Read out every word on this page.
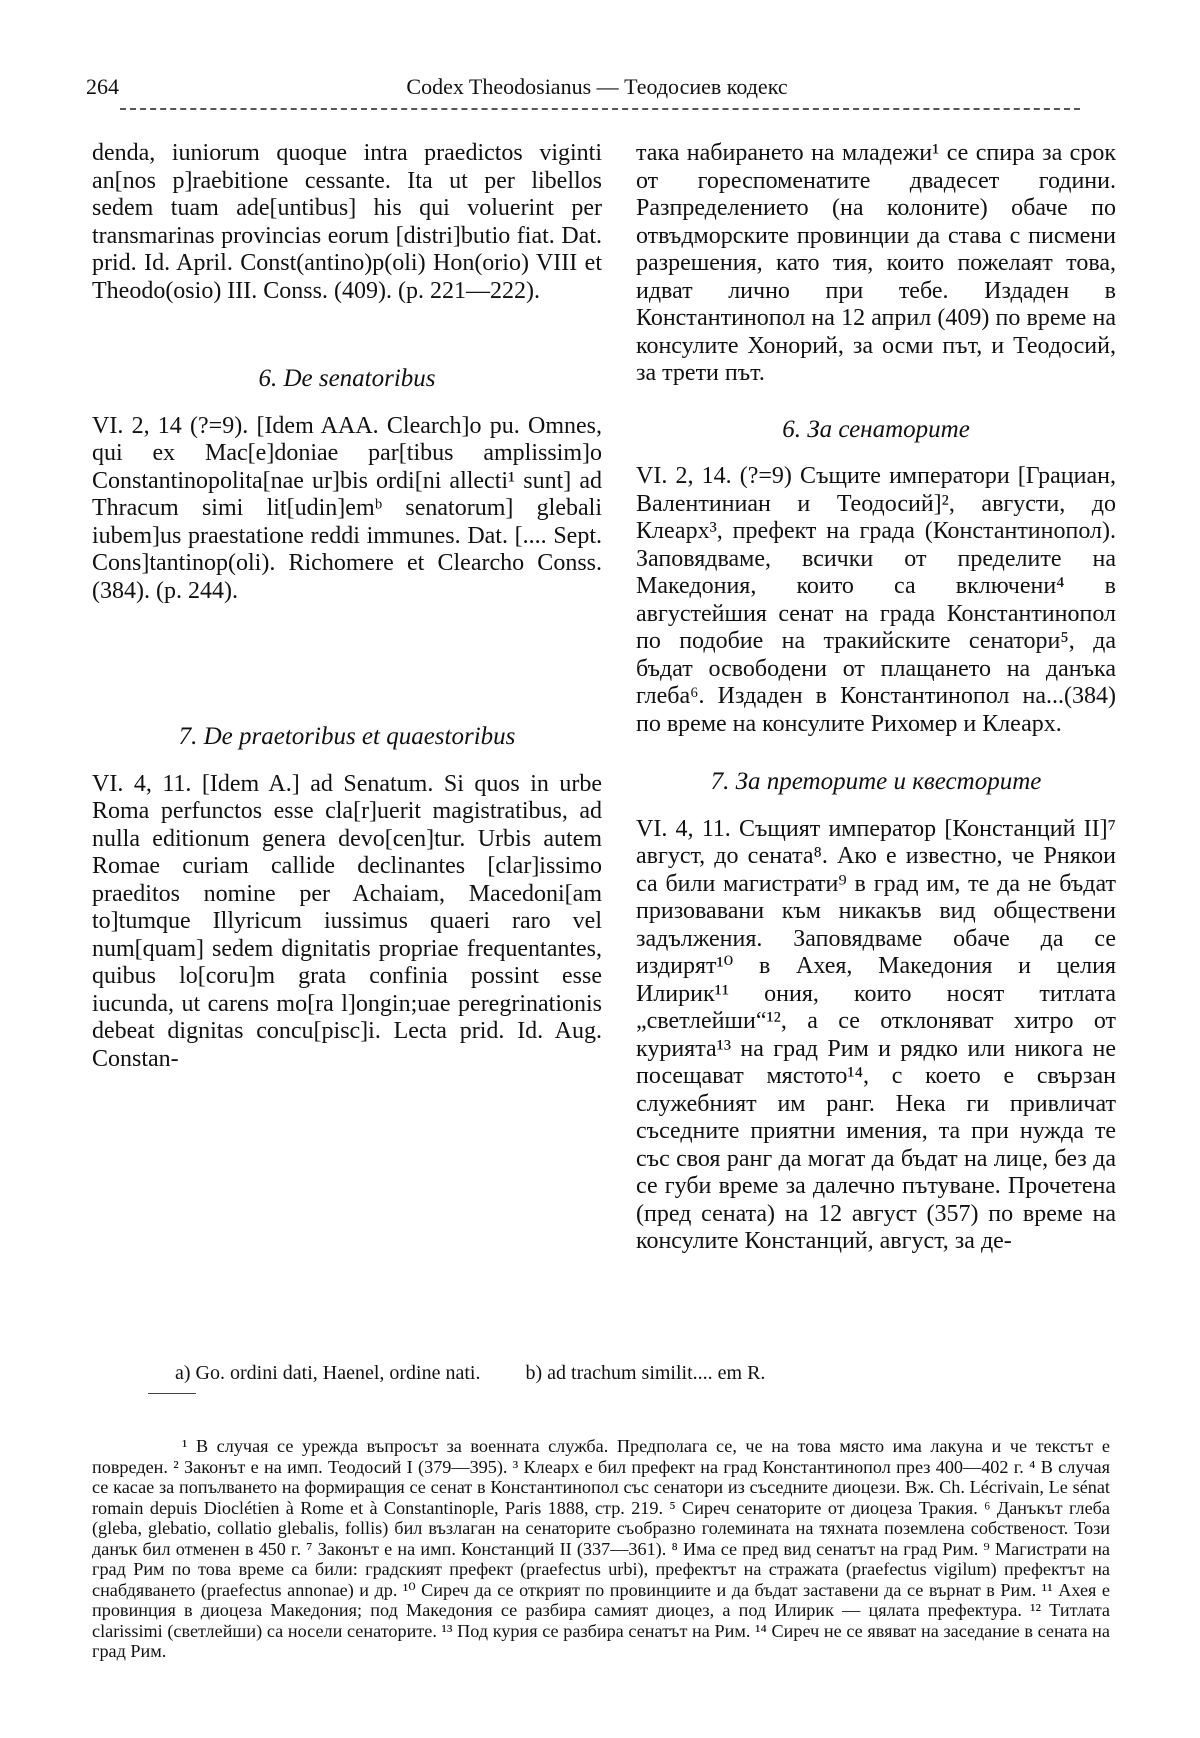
264	Codex Theodosianus — Теодосиев кодекс

denda, iuniorum quoque intra praedictos viginti an[nos p]raebitione cessante. Ita ut per libellos sedem tuam ade[untibus] his qui voluerint per transmarinas provincias eorum [distri]butio fiat. Dat. prid. Id. April. Const(antino)p(oli) Hon(orio) VIII et Theodo(osio) III. Conss. (409). (p. 221—222).

6. De senatoribus

VI. 2, 14 (?=9). [Idem AAA. Clearch]o pu. Omnes, qui ex Mac[e]doniae par[tibus amplissim]o Constantinopolita[nae ur]bis ordi[ni allecti¹ sunt] ad Thracum simi lit[udin]emᵇ senatorum] glebali iubem]us praestatione reddi immunes. Dat. [.... Sept. Cons]tantinop(oli). Richomere et Clearcho Conss. (384). (p. 244).

7. De praetoribus et quaestoribus

VI. 4, 11. [Idem A.] ad Senatum. Si quos in urbe Roma perfunctos esse cla[r]uerit magistratibus, ad nulla editionum genera devo[cen]tur. Urbis autem Romae curiam callide declinantes [clar]issimo praeditos nomine per Achaiam, Macedoni[am to]tumque Illyricum iussimus quaeri raro vel num[quam] sedem dignitatis propriae frequentantes, quibus lo[coru]m grata confinia possint esse iucunda, ut carens mo[ra l]ongin;uae peregrinationis debeat dignitas concu[pisc]i. Lecta prid. Id. Aug. Constan-

така набирането на младежи¹ се спира за срок от гореспоменатите двадесет години. Разпределението (на колоните) обаче по отвъдморските провинции да става с писмени разрешения, като тия, които пожелаят това, идват лично при тебе. Издаден в Константинопол на 12 април (409) по време на консулите Хонорий, за осми път, и Теодосий, за трети път.

6. За сенаторите

VI. 2, 14. (?=9) Същите императори [Грациан, Валентиниан и Теодосий]², августи, до Клеарх³, префект на града (Константинопол). Заповядваме, всички от пределите на Македония, които са включени⁴ в августейшия сенат на града Константинопол по подобие на тракийските сенатори⁵, да бъдат освободени от плащането на данъка глеба⁶. Издаден в Константинопол на...(384) по време на консулите Рихомер и Клеарх.

7. За преторите и квесторите

VI. 4, 11. Същият император [Констанций II]⁷ август, до сената⁸. Ако е известно, че Рнякои са били магистрати⁹ в град им, те да не бъдат призовавани към никакъв вид обществени задължения. Заповядваме обаче да се издирят¹⁰ в Ахея, Македония и целия Илирик¹¹ ония, които носят титлата „светлейши“¹², а се отклоняват хитро от курията¹³ на град Рим и рядко или никога не посещават мястото¹⁴, с което е свързан служебният им ранг. Нека ги привличат съседните приятни имения, та при нужда те със своя ранг да могат да бъдат на лице, без да се губи време за далечно пътуване. Прочетена (пред сената) на 12 август (357) по време на консулите Констанций, август, за де-

a) Go. ordini dati, Haenel, ordine nati. b) ad trachum similit.... em R.

¹ В случая се урежда въпросът за военната служба. Предполага се, че на това място има лакуна и че текстът е повреден. ² Законът е на имп. Теодосий I (379—395). ³ Клеарх е бил префект на град Константинопол през 400—402 г. ⁴ В случая се касае за попълването на формиращия се сенат в Константинопол със сенатори из съседните диоцези. Вж. Ch. Lécrivain, Le sénat romain depuis Dioclétien à Rome et à Constantinople, Paris 1888, стр. 219. ⁵ Сиреч сенаторите от диоцеза Тракия. ⁶ Данъкът глеба (gleba, glebatio, collatio glebalis, follis) бил възлаган на сенаторите съобразно големината на тяхната поземлена собственост. Този данък бил отменен в 450 г. ⁷ Законът е на имп. Констанций II (337—361). ⁸ Има се пред вид сенатът на град Рим. ⁹ Магистрати на град Рим по това време са били: градският префект (praefectus urbi), префектът на стражата (praefectus vigilum) префектът на снабдяването (praefectus annonae) и др. ¹⁰ Сиреч да се открият по провинциите и да бъдат заставени да се върнат в Рим. ¹¹ Ахея е провинция в диоцеза Македония; под Македония се разбира самият диоцез, а под Илирик — цялата префектура. ¹² Титлата clarissimi (светлейши) са носели сенаторите. ¹³ Под курия се разбира сенатът на Рим. ¹⁴ Сиреч не се явяват на заседание в сената на град Рим.
